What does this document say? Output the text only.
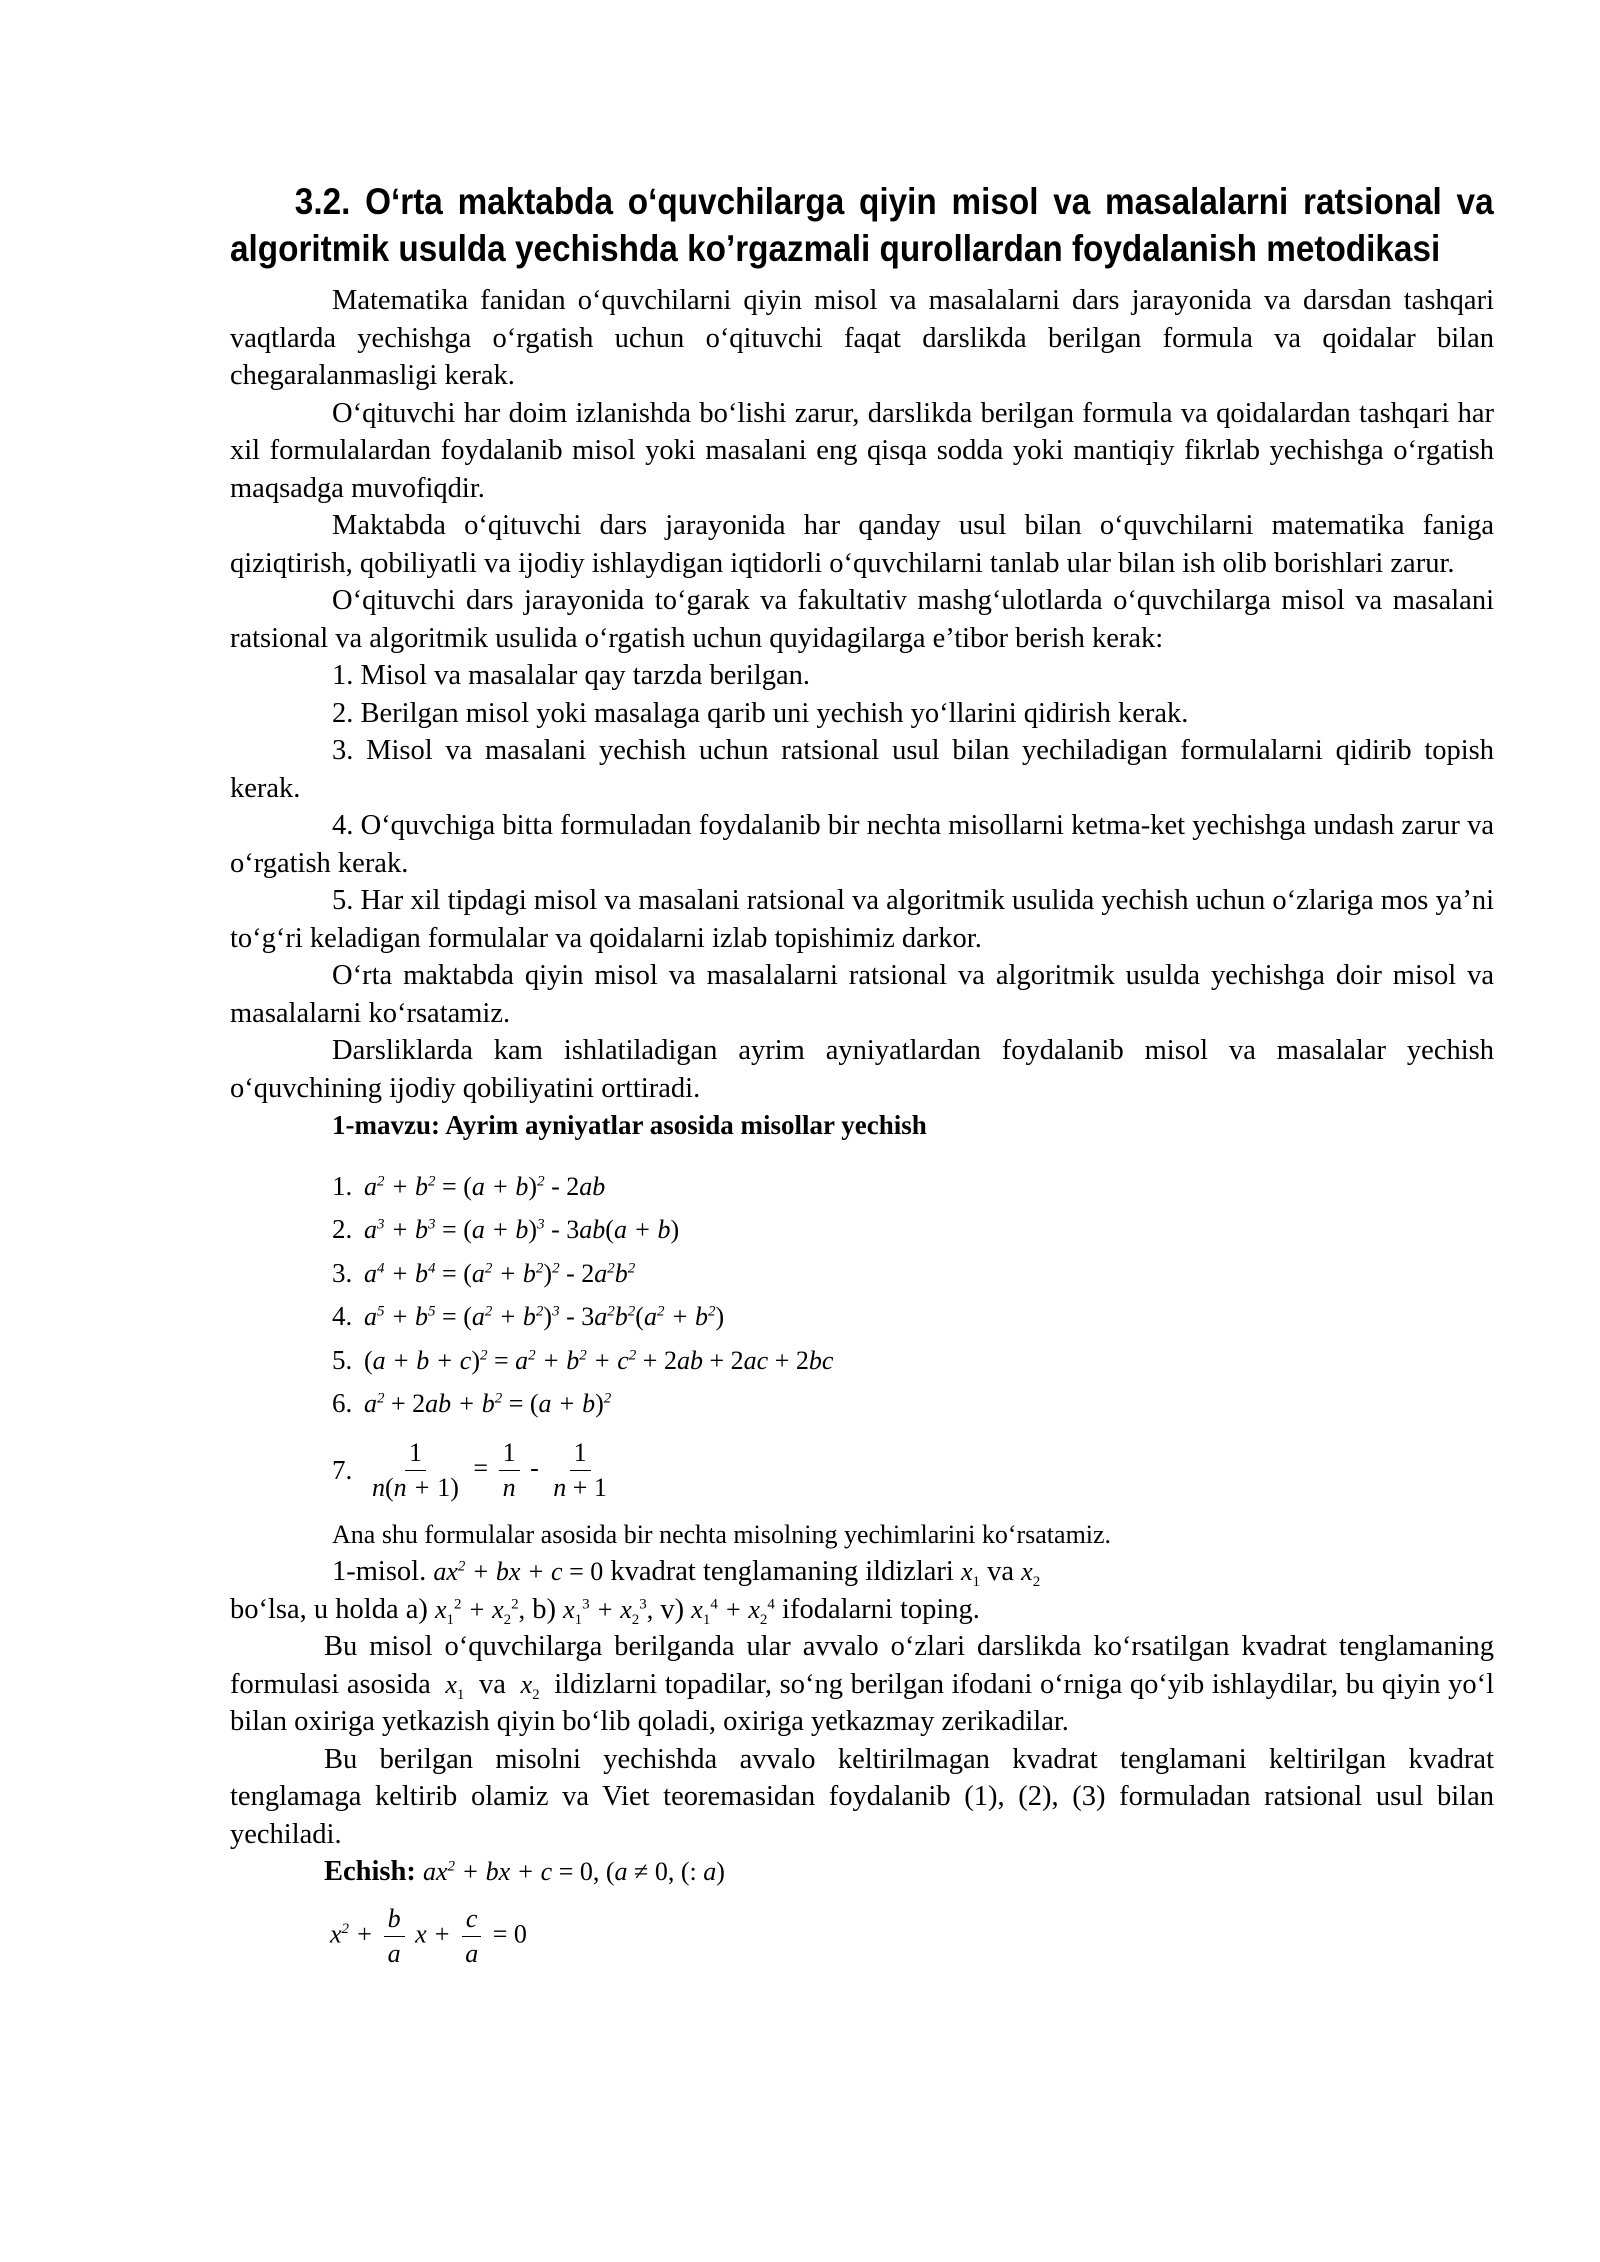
3.2. O‘rta maktabda o‘quvchilarga qiyin misol va masalalarni ratsional va algoritmik usulda yechishda ko’rgazmali qurollardan foydalanish metodikasi

Matematika fanidan o‘quvchilarni qiyin misol va masalalarni dars jarayonida va darsdan tashqari vaqtlarda yechishga o‘rgatish uchun o‘qituvchi faqat darslikda berilgan formula va qoidalar bilan chegaralanmasligi kerak.

O‘qituvchi har doim izlanishda bo‘lishi zarur, darslikda berilgan formula va qoidalardan tashqari har xil formulalardan foydalanib misol yoki masalani eng qisqa sodda yoki mantiqiy fikrlab yechishga o‘rgatish maqsadga muvofiqdir.

Maktabda o‘qituvchi dars jarayonida har qanday usul bilan o‘quvchilarni matematika faniga qiziqtirish, qobiliyatli va ijodiy ishlaydigan iqtidorli o‘quvchilarni tanlab ular bilan ish olib borishlari zarur.

O‘qituvchi dars jarayonida to‘garak va fakultativ mashg‘ulotlarda o‘quvchilarga misol va masalani ratsional va algoritmik usulida o‘rgatish uchun quyidagilarga e’tibor berish kerak:

1. Misol va masalalar qay tarzda berilgan.

2. Berilgan misol yoki masalaga qarib uni yechish yo‘llarini qidirish kerak.

3. Misol va masalani yechish uchun ratsional usul bilan yechiladigan formulalarni qidirib topish kerak.

4. O‘quvchiga bitta formuladan foydalanib bir nechta misollarni ketma-ket yechishga undash zarur va o‘rgatish kerak.

5. Har xil tipdagi misol va masalani ratsional va algoritmik usulida yechish uchun o‘zlariga mos ya’ni to‘g‘ri keladigan formulalar va qoidalarni izlab topishimiz darkor.

O‘rta maktabda qiyin misol va masalalarni ratsional va algoritmik usulda yechishga doir misol va masalalarni ko‘rsatamiz.

Darsliklarda kam ishlatiladigan ayrim ayniyatlardan foydalanib misol va masalalar yechish o‘quvchining ijodiy qobiliyatini orttiradi.

1-mavzu: Ayrim ayniyatlar asosida misollar yechish
1. $a^2 + b^2 = (a + b)^2 - 2ab$
2. $a^3 + b^3 = (a + b)^3 - 3ab(a + b)$
3. $a^4 + b^4 = (a^2 + b^2)^2 - 2a^2b^2$
4. $a^5 + b^5 = (a^2 + b^2)^3 - 3a^2b^2(a^2 + b^2)$
5. $(a + b + c)^2 = a^2 + b^2 + c^2 + 2ab + 2ac + 2bc$
6. $a^2 + 2ab + b^2 = (a + b)^2$
7. $\frac{1}{n(n + 1)} = \frac{1}{n} - \frac{1}{n + 1}$

Ana shu formulalar asosida bir nechta misolning yechimlarini ko‘rsatamiz.

1-misol. $ax^2$ + bx + c = 0 kvadrat tenglamaning ildizlari $x_1$ va $x_2$

bo‘lsa, u holda a) $x_1^2 + x_2^2$, b) $x_1^3 + x_2^3$, v) $x_1^4 + x_2^4$ ifodalarni toping.

Bu misol o‘quvchilarga berilganda ular avvalo o‘zlari darslikda ko‘rsatilgan kvadrat tenglamaning formulasi asosida  $x_1$ va  $x_2$ ildizlarni topadilar, so‘ng berilgan ifodani o‘rniga qo‘yib ishlaydilar, bu qiyin yo‘l bilan oxiriga yetkazish qiyin bo‘lib qoladi, oxiriga yetkazmay zerikadilar.

Bu berilgan misolni yechishda avvalo keltirilmagan kvadrat tenglamani keltirilgan kvadrat tenglamaga keltirib olamiz va Viet teoremasidan foydalanib (1), (2), (3) formuladan ratsional usul bilan yechiladi.

Echish: $ax^2$ + bx + c = 0, (a ≠ 0, (: a)

$x^2 + \frac{b}{a}$ $x + \frac{c}{a} = 0$
